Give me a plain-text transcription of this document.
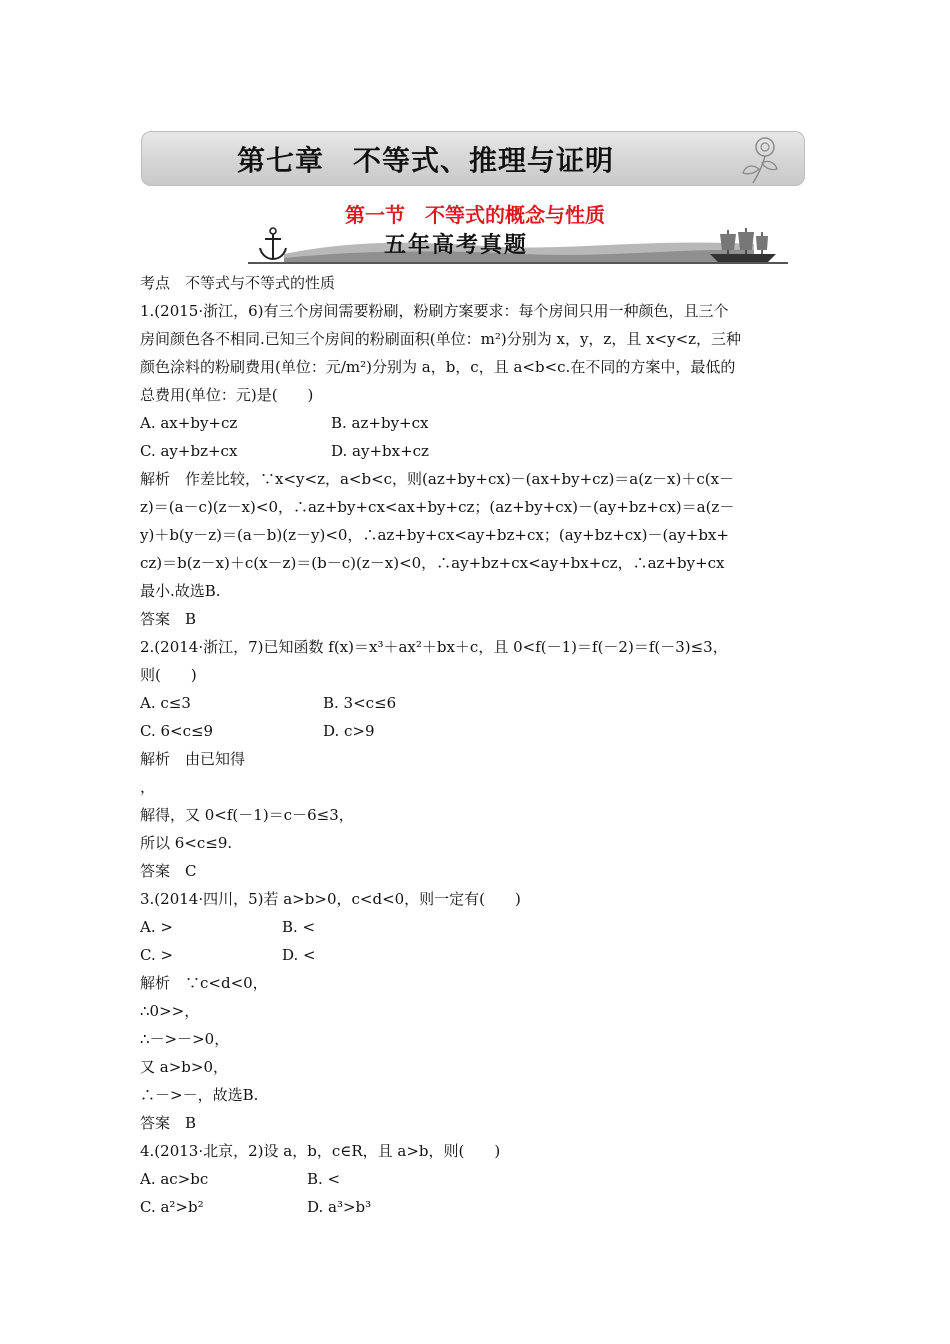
第七章　不等式、推理与证明
第一节　不等式的概念与性质
五年高考真题
考点　不等式与不等式的性质
1.(2015·浙江，6)有三个房间需要粉刷，粉刷方案要求：每个房间只用一种颜色，且三个
房间颜色各不相同.已知三个房间的粉刷面积(单位：m²)分别为 x，y，z，且 x<y<z，三种
颜色涂料的粉刷费用(单位：元/m²)分别为 a，b，c，且 a<b<c.在不同的方案中，最低的
总费用(单位：元)是(　　)
A. ax+by+cz	B. az+by+cx
C. ay+bz+cx	D. ay+bx+cz
解析　作差比较，∵x<y<z，a<b<c，则(az+by+cx)－(ax+by+cz)＝a(z－x)＋c(x－
z)＝(a－c)(z－x)<0，∴az+by+cx<ax+by+cz；(az+by+cx)－(ay+bz+cx)＝a(z－
y)＋b(y－z)＝(a－b)(z－y)<0，∴az+by+cx<ay+bz+cx；(ay+bz+cx)－(ay+bx+
cz)＝b(z－x)＋c(x－z)＝(b－c)(z－x)<0，∴ay+bz+cx<ay+bx+cz，∴az+by+cx
最小.故选B.
答案　B
2.(2014·浙江，7)已知函数 f(x)＝x³＋ax²＋bx＋c，且 0<f(－1)＝f(－2)＝f(－3)≤3，
则(　　)
A. c≤3	B. 3<c≤6
C. 6<c≤9	D. c>9
解析　由已知得
，
解得，又 0<f(－1)＝c－6≤3，
所以 6<c≤9.
答案　C
3.(2014·四川，5)若 a>b>0，c<d<0，则一定有(　　)
A. >	B. <
C. >	D. <
解析　∵c<d<0，
∴0>>，
∴－>－>0，
又 a>b>0，
∴－>－，故选B.
答案　B
4.(2013·北京，2)设 a，b，c∈R，且 a>b，则(　　)
A. ac>bc	B. <
C. a²>b²	D. a³>b³
